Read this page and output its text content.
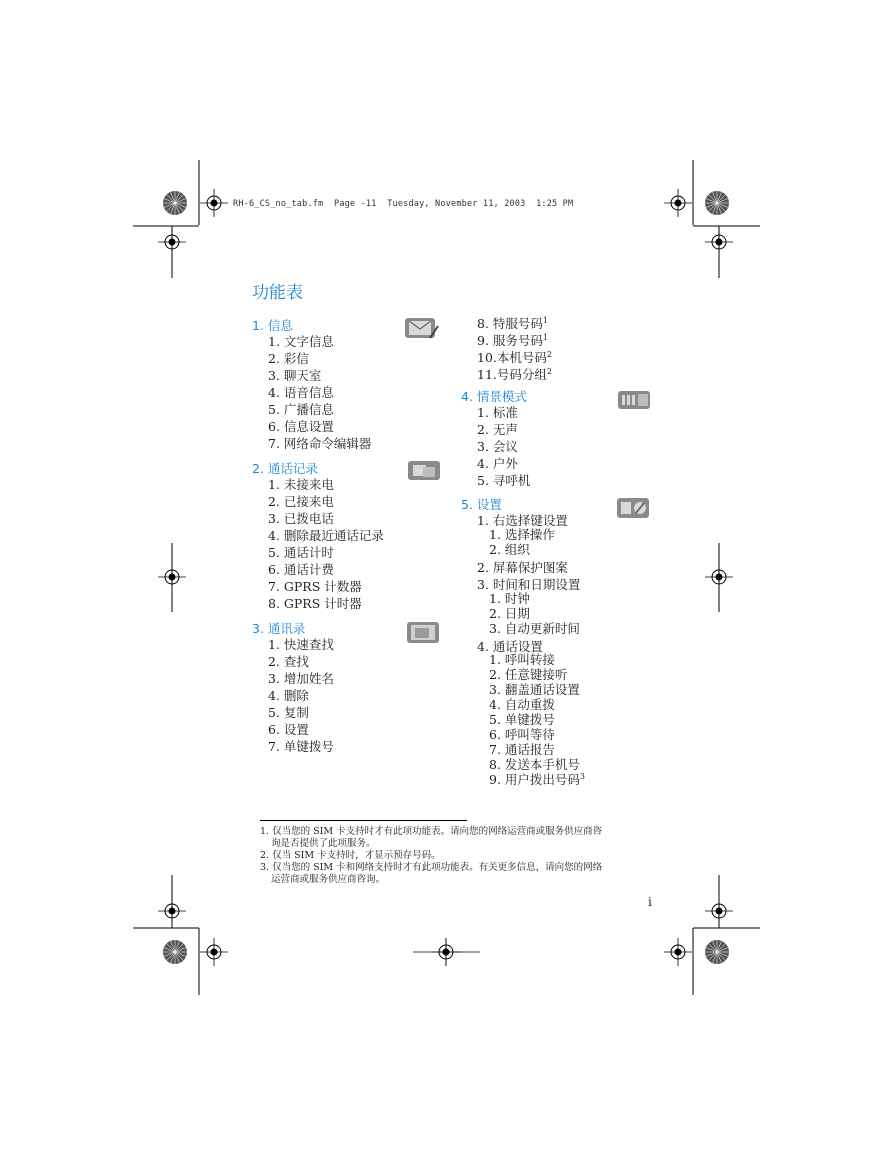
RH-6_CS_no_tab.fm  Page -11  Tuesday, November 11, 2003  1:25 PM
功能表
1. 信息
1. 文字信息
2. 彩信
3. 聊天室
4. 语音信息
5. 广播信息
6. 信息设置
7. 网络命令编辑器
2. 通话记录
1. 未接来电
2. 已接来电
3. 已拨电话
4. 删除最近通话记录
5. 通话计时
6. 通话计费
7. GPRS 计数器
8. GPRS 计时器
3. 通讯录
1. 快速查找
2. 查找
3. 增加姓名
4. 删除
5. 复制
6. 设置
7. 单键拨号
8. 特服号码$^1$
9. 服务号码$^1$
10.本机号码$^2$
11.号码分组$^2$
4. 情景模式
1. 标准
2. 无声
3. 会议
4. 户外
5. 寻呼机
5. 设置
1. 右选择键设置
1. 选择操作
2. 组织
2. 屏幕保护图案
3. 时间和日期设置
1. 时钟
2. 日期
3. 自动更新时间
4. 通话设置
1. 呼叫转接
2. 任意键接听
3. 翻盖通话设置
4. 自动重拨
5. 单键拨号
6. 呼叫等待
7. 通话报告
8. 发送本手机号
9. 用户拨出号码$^3$
1. 仅当您的 SIM 卡支持时才有此项功能表。请向您的网络运营商或服务供应商咨
询是否提供了此项服务。
2. 仅当 SIM 卡支持时，才显示预存号码。
3. 仅当您的 SIM 卡和网络支持时才有此项功能表。有关更多信息，请向您的网络
运营商或服务供应商咨询。
i
